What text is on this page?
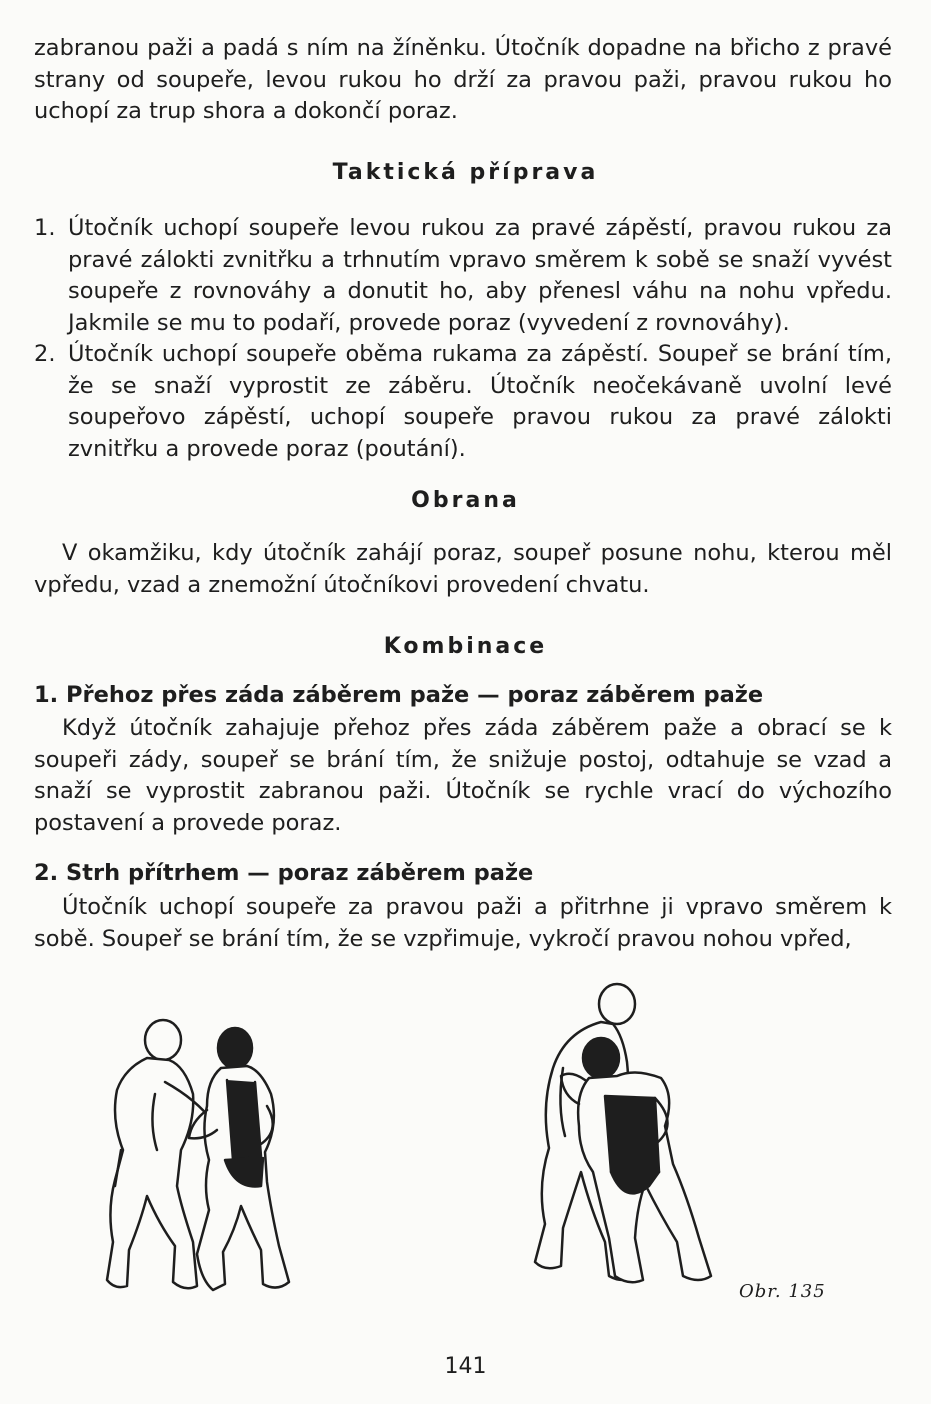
zabranou paži a padá s ním na žíněnku. Útočník dopadne na břicho z pravé strany od soupeře, levou rukou ho drží za pravou paži, pravou rukou ho uchopí za trup shora a dokončí poraz.

Taktická příprava
1. Útočník uchopí soupeře levou rukou za pravé zápěstí, pravou rukou za pravé zálokti zvnitřku a trhnutím vpravo směrem k sobě se snaží vyvést soupeře z rovnováhy a donutit ho, aby přenesl váhu na nohu vpředu. Jakmile se mu to podaří, provede poraz (vyvedení z rovnováhy).
2. Útočník uchopí soupeře oběma rukama za zápěstí. Soupeř se brání tím, že se snaží vyprostit ze záběru. Útočník neočekávaně uvolní levé soupeřovo zápěstí, uchopí soupeře pravou rukou za pravé zálokti zvnitřku a provede poraz (poutání).
Obrana

V okamžiku, kdy útočník zahájí poraz, soupeř posune nohu, kterou měl vpředu, vzad a znemožní útočníkovi provedení chvatu.

Kombinace
1. Přehoz přes záda záběrem paže — poraz záběrem paže

Když útočník zahajuje přehoz přes záda záběrem paže a obrací se k soupeři zády, soupeř se brání tím, že snižuje postoj, odtahuje se vzad a snaží se vyprostit zabranou paži. Útočník se rychle vrací do výchozího postavení a provede poraz.

2. Strh přítrhem — poraz záběrem paže

Útočník uchopí soupeře za pravou paži a přitrhne ji vpravo směrem k sobě. Soupeř se brání tím, že se vzpřimuje, vykročí pravou nohou vpřed,

Obr. 135
141
